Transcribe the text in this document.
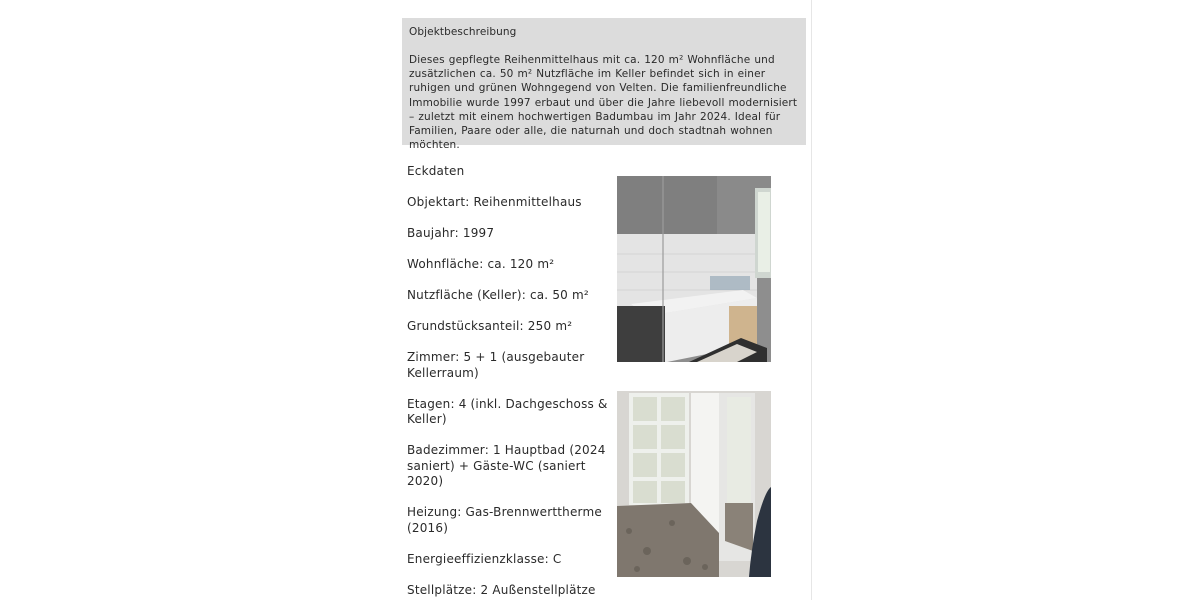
Objektbeschreibung

Dieses gepflegte Reihenmittelhaus mit ca. 120 m² Wohnfläche und zusätzlichen ca. 50 m² Nutzfläche im Keller befindet sich in einer ruhigen und grünen Wohngegend von Velten. Die familienfreundliche Immobilie wurde 1997 erbaut und über die Jahre liebevoll modernisiert – zuletzt mit einem hochwertigen Badumbau im Jahr 2024. Ideal für Familien, Paare oder alle, die naturnah und doch stadtnah wohnen möchten.

Eckdaten

Objektart: Reihenmittelhaus

Baujahr: 1997

Wohnfläche: ca. 120 m²

Nutzfläche (Keller): ca. 50 m²

Grundstücksanteil: 250 m²

Zimmer: 5 + 1 (ausgebauter Kellerraum)

Etagen: 4 (inkl. Dachgeschoss & Keller)

Badezimmer: 1 Hauptbad (2024 saniert) + Gäste-WC (saniert 2020)

Heizung: Gas-Brennwerttherme (2016)

Energieeffizienzklasse: C

Stellplätze: 2 Außenstellplätze
